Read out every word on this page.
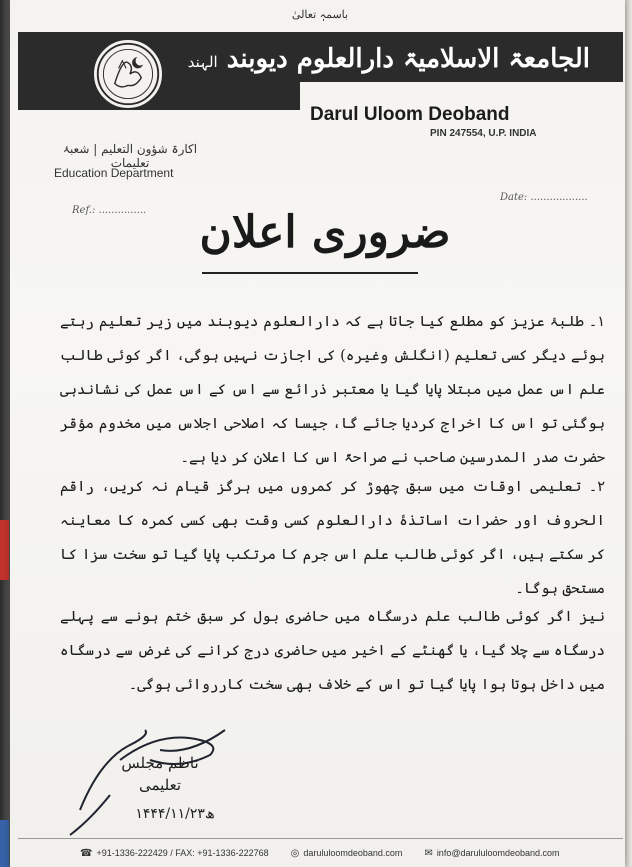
باسمہٖ تعالیٰ
الجامعۃ الاسلامیۃ دارالعلوم دیوبند الہند
Darul Uloom Deoband
PIN 247554, U.P. INDIA
اکارۃ شؤون التعلیم | شعبۂ تعلیمات
Education Department
Ref.: ...............
Date: ..................
ضروری اعلان
۱۔ طلبۂ عزیز کو مطلع کیا جاتا ہے کہ دارالعلوم دیوبند میں زیر تعلیم رہتے ہوئے دیگر کسی تعلیم (انگلش وغیرہ) کی اجازت نہیں ہوگی، اگر کوئی طالب علم اس عمل میں مبتلا پایا گیا یا معتبر ذرائع سے اس کے اس عمل کی نشاندہی ہوگئی تو اس کا اخراج کردیا جائے گا، جیسا کہ اصلاحی اجلاس میں مخدوم مؤقر حضرت صدر المدرسین صاحب نے صراحۃً اس کا اعلان کر دیا ہے۔
۲۔ تعلیمی اوقات میں سبق چھوڑ کر کمروں میں ہرگز قیام نہ کریں، راقم الحروف اور حضرات اساتذۂ دارالعلوم کسی وقت بھی کسی کمرہ کا معاینہ کر سکتے ہیں، اگر کوئی طالب علم اس جرم کا مرتکب پایا گیا تو سخت سزا کا مستحق ہوگا۔
نیز اگر کوئی طالب علم درسگاہ میں حاضری بول کر سبق ختم ہونے سے پہلے درسگاہ سے چلا گیا، یا گھنٹے کے اخیر میں حاضری درج کرانے کی غرض سے درسگاہ میں داخل ہوتا ہوا پایا گیا تو اس کے خلاف بھی سخت کارروائی ہوگی۔
ناظم مجلس تعلیمی
۱۴۴۴/۱۱/۲۳ھ
☎ +91-1336-222429 / FAX: +91-1336-222768 ◎ darululoomdeoband.com ✉ info@darululoomdeoband.com
